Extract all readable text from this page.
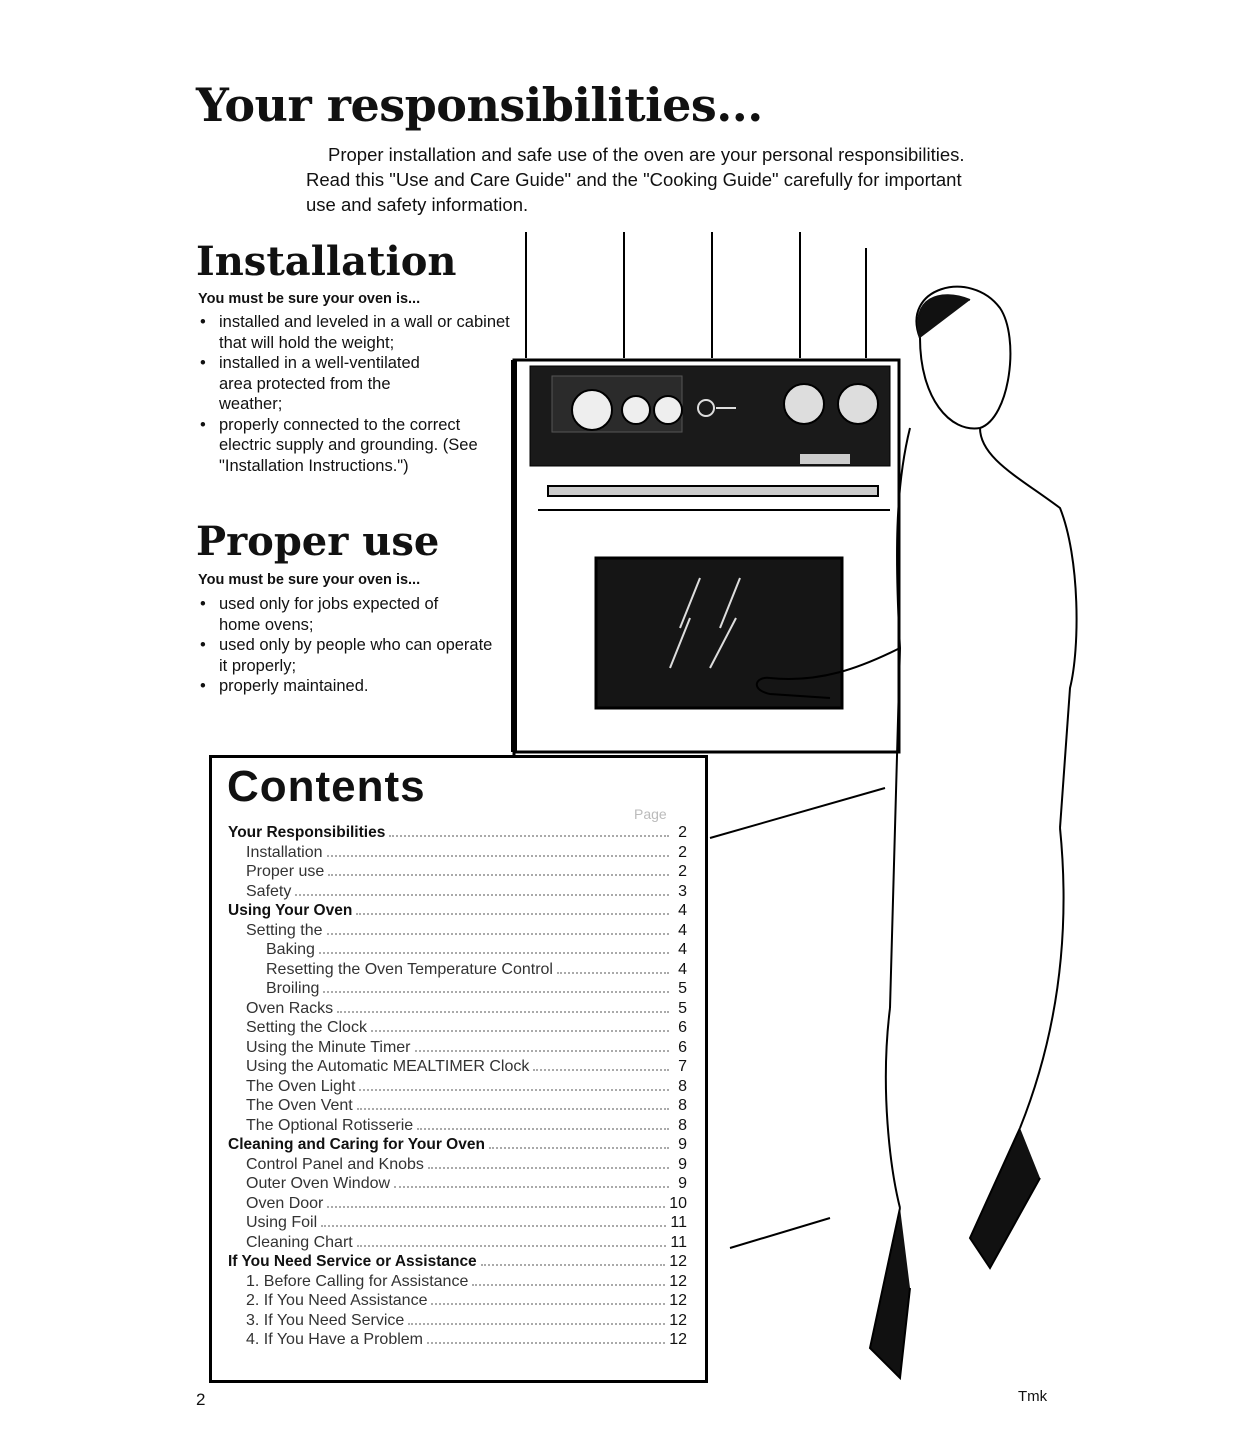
Your responsibilities...

Proper installation and safe use of the oven are your personal responsibilities. Read this "Use and Care Guide" and the "Cooking Guide" carefully for important use and safety information.

Installation
You must be sure your oven is...
• installed and leveled in a wall or cabinet that will hold the weight;
• installed in a well-ventilated area protected from the weather;
• properly connected to the correct electric supply and grounding. (See "Installation Instructions.")
Proper use
You must be sure your oven is...
• used only for jobs expected of home ovens;
• used only by people who can operate it properly;
• properly maintained.
Contents
Page
Your Responsibilities	2
Installation	2
Proper use	2
Safety	3
Using Your Oven	4
Setting the	4
Baking	4
Resetting the Oven Temperature Control	4
Broiling	5
Oven Racks	5
Setting the Clock	6
Using the Minute Timer	6
Using the Automatic MEALTIMER Clock	7
The Oven Light	8
The Oven Vent	8
The Optional Rotisserie	8
Cleaning and Caring for Your Oven	9
Control Panel and Knobs	9
Outer Oven Window	9
Oven Door	10
Using Foil	11
Cleaning Chart	11
If You Need Service or Assistance	12
1. Before Calling for Assistance	12
2. If You Need Assistance	12
3. If You Need Service	12
4. If You Have a Problem	12
2	Tmk
